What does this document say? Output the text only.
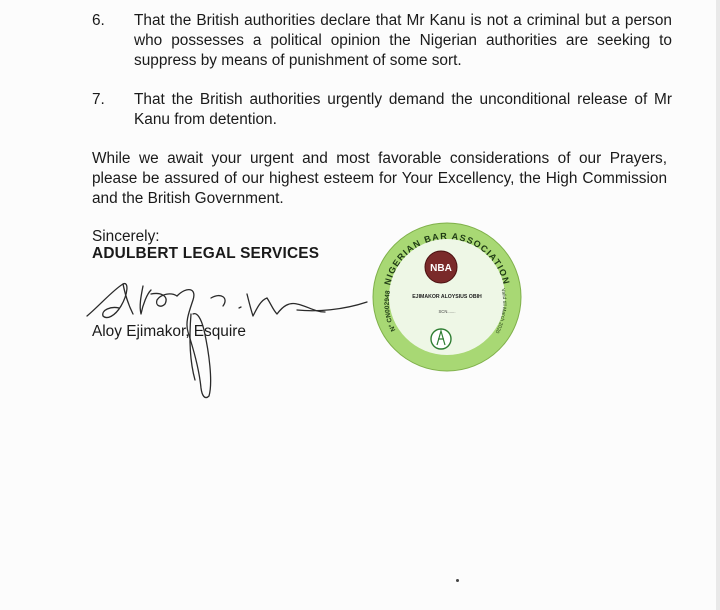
6. That the British authorities declare that Mr Kanu is not a criminal but a person who possesses a political opinion the Nigerian authorities are seeking to suppress by means of punishment of some sort.
7. That the British authorities urgently demand the unconditional release of Mr Kanu from detention.
While we await your urgent and most favorable considerations of our Prayers, please be assured of our highest esteem for Your Excellency, the High Commission and the British Government.
Sincerely:
ADULBERT LEGAL SERVICES
Aloy Ejimakor, Esquire
NIGERIAN BAR ASSOCIATION
N° CN002948
Valid till March 2020
NBA
EJIMAKOR ALOYSIUS OBIH
SCN.......
